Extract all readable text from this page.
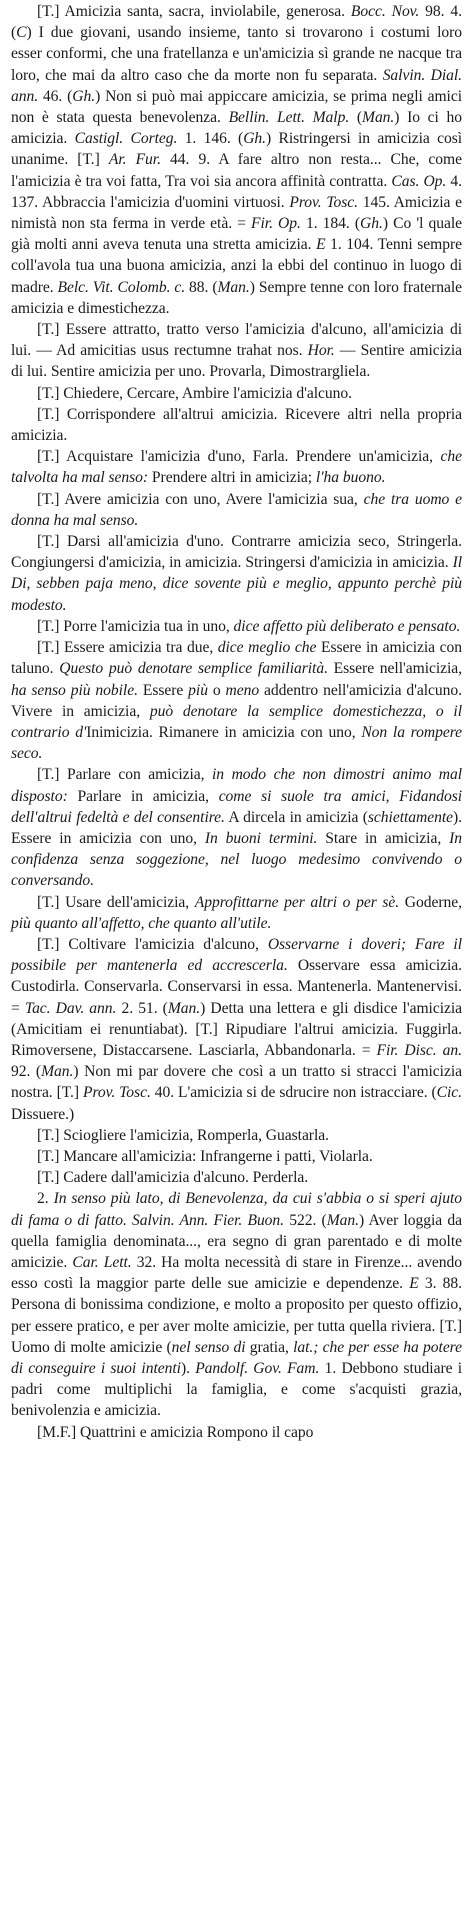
[T.] Amicizia santa, sacra, inviolabile, generosa. Bocc. Nov. 98. 4. (C) I due giovani, usando insieme, tanto si trovarono i costumi loro esser conformi, che una fratellanza e un'amicizia sì grande ne nacque tra loro, che mai da altro caso che da morte non fu separata. Salvin. Dial. ann. 46. (Gh.) Non si può mai appiccare amicizia, se prima negli amici non è stata questa benevolenza. Bellin. Lett. Malp. (Man.) Io ci ho amicizia. Castigl. Corteg. 1. 146. (Gh.) Ristringersi in amicizia così unanime. [T.] Ar. Fur. 44. 9. A fare altro non resta... Che, come l'amicizia è tra voi fatta, Tra voi sia ancora affinità contratta. Cas. Op. 4. 137. Abbraccia l'amicizia d'uomini virtuosi. Prov. Tosc. 145. Amicizia e nimistà non sta ferma in verde età. = Fir. Op. 1. 184. (Gh.) Co 'l quale già molti anni aveva tenuta una stretta amicizia. E 1. 104. Tenni sempre coll'avola tua una buona amicizia, anzi la ebbi del continuo in luogo di madre. Belc. Vit. Colomb. c. 88. (Man.) Sempre tenne con loro fraternale amicizia e dimestichezza.

[T.] Essere attratto, tratto verso l'amicizia d'alcuno, all'amicizia di lui. — Ad amicitias usus rectumne trahat nos. Hor. — Sentire amicizia di lui. Sentire amicizia per uno. Provarla, Dimostrargliela.

[T.] Chiedere, Cercare, Ambire l'amicizia d'alcuno.

[T.] Corrispondere all'altrui amicizia. Ricevere altri nella propria amicizia.

[T.] Acquistare l'amicizia d'uno, Farla. Prendere un'amicizia, che talvolta ha mal senso: Prendere altri in amicizia; l'ha buono.

[T.] Avere amicizia con uno, Avere l'amicizia sua, che tra uomo e donna ha mal senso.

[T.] Darsi all'amicizia d'uno. Contrarre amicizia seco, Stringerla. Congiungersi d'amicizia, in amicizia. Stringersi d'amicizia in amicizia. Il Di, sebben paja meno, dice sovente più e meglio, appunto perchè più modesto.

[T.] Porre l'amicizia tua in uno, dice affetto più deliberato e pensato.

[T.] Essere amicizia tra due, dice meglio che Essere in amicizia con taluno. Questo può denotare semplice familiarità. Essere nell'amicizia, ha senso più nobile. Essere più o meno addentro nell'amicizia d'alcuno. Vivere in amicizia, può denotare la semplice domestichezza, o il contrario d'Inimicizia. Rimanere in amicizia con uno, Non la rompere seco.

[T.] Parlare con amicizia, in modo che non dimostri animo mal disposto: Parlare in amicizia, come si suole tra amici, Fidandosi dell'altrui fedeltà e del consentire. A dircela in amicizia (schiettamente). Essere in amicizia con uno, In buoni termini. Stare in amicizia, In confidenza senza soggezione, nel luogo medesimo convivendo o conversando.

[T.] Usare dell'amicizia, Approfittarne per altri o per sè. Goderne, più quanto all'affetto, che quanto all'utile.

[T.] Coltivare l'amicizia d'alcuno, Osservarne i doveri; Fare il possibile per mantenerla ed accrescerla. Osservare essa amicizia. Custodirla. Conservarla. Conservarsi in essa. Mantenerla. Mantenervisi. = Tac. Dav. ann. 2. 51. (Man.) Detta una lettera e gli disdice l'amicizia (Amicitiam ei renuntiabat). [T.] Ripudiare l'altrui amicizia. Fuggirla. Rimoversene, Distaccarsene. Lasciarla, Abbandonarla. = Fir. Disc. an. 92. (Man.) Non mi par dovere che così a un tratto si stracci l'amicizia nostra. [T.] Prov. Tosc. 40. L'amicizia si de sdrucire non istracciare. (Cic. Dissuere.)

[T.] Sciogliere l'amicizia, Romperla, Guastarla.

[T.] Mancare all'amicizia: Infrangerne i patti, Violarla.

[T.] Cadere dall'amicizia d'alcuno. Perderla.

2. In senso più lato, di Benevolenza, da cui s'abbia o si speri ajuto di fama o di fatto. Salvin. Ann. Fier. Buon. 522. (Man.) Aver loggia da quella famiglia denominata..., era segno di gran parentado e di molte amicizie. Car. Lett. 32. Ha molta necessità di stare in Firenze... avendo esso costì la maggior parte delle sue amicizie e dependenze. E 3. 88. Persona di bonissima condizione, e molto a proposito per questo offizio, per essere pratico, e per aver molte amicizie, per tutta quella riviera. [T.] Uomo di molte amicizie (nel senso di gratia, lat.; che per esse ha potere di conseguire i suoi intenti). Pandolf. Gov. Fam. 1. Debbono studiare i padri come multiplichi la famiglia, e come s'acquisti grazia, benivolenzia e amicizia.

[M.F.] Quattrini e amicizia Rompono il capo
